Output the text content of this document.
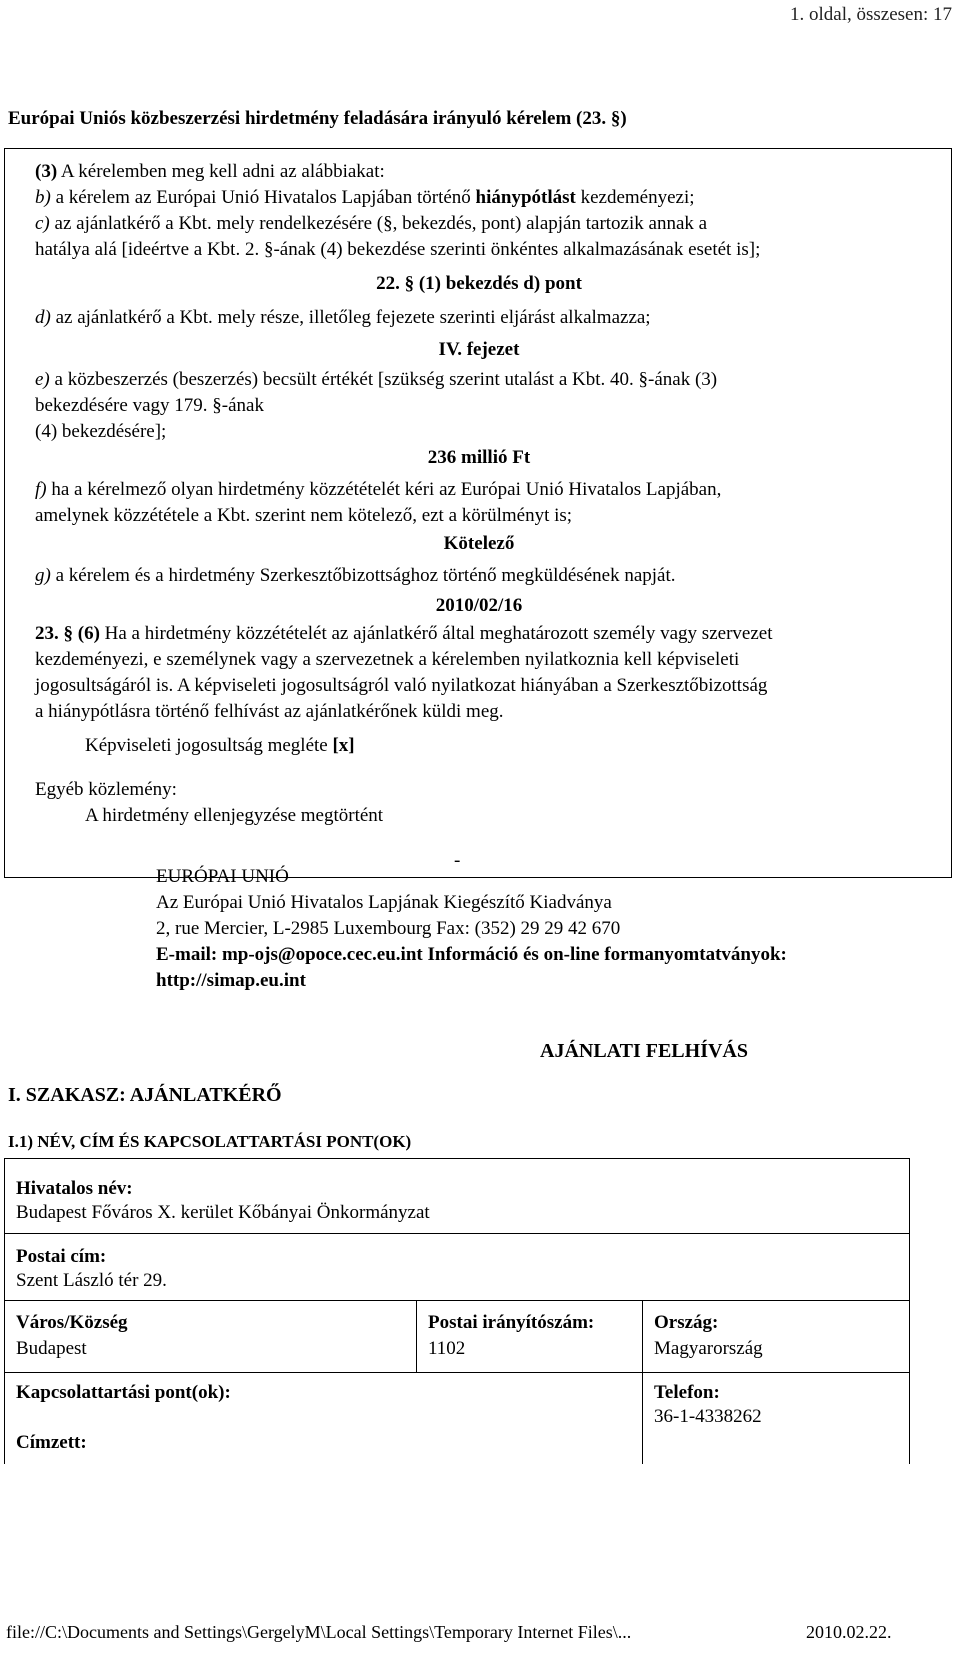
1. oldal, összesen: 17
Európai Uniós közbeszerzési hirdetmény feladására irányuló kérelem (23. §)
(3) A kérelemben meg kell adni az alábbiakat:
b) a kérelem az Európai Unió Hivatalos Lapjában történő hiánypótlást kezdeményezi;
c) az ajánlatkérő a Kbt. mely rendelkezésére (§, bekezdés, pont) alapján tartozik annak a
hatálya alá [ideértve a Kbt. 2. §-ának (4) bekezdése szerinti önkéntes alkalmazásának esetét is];
22. § (1) bekezdés d) pont
d) az ajánlatkérő a Kbt. mely része, illetőleg fejezete szerinti eljárást alkalmazza;
IV. fejezet
e) a közbeszerzés (beszerzés) becsült értékét [szükség szerint utalást a Kbt. 40. §-ának (3)
bekezdésére vagy 179. §-ának
(4) bekezdésére];
236 millió Ft
f) ha a kérelmező olyan hirdetmény közzétételét kéri az Európai Unió Hivatalos Lapjában,
amelynek közzététele a Kbt. szerint nem kötelező, ezt a körülményt is;
Kötelező
g) a kérelem és a hirdetmény Szerkesztőbizottsághoz történő megküldésének napját.
2010/02/16
23. § (6) Ha a hirdetmény közzétételét az ajánlatkérő által meghatározott személy vagy szervezet
kezdeményezi, e személynek vagy a szervezetnek a kérelemben nyilatkoznia kell képviseleti
jogosultságáról is. A képviseleti jogosultságról való nyilatkozat hiányában a Szerkesztőbizottság
a hiánypótlásra történő felhívást az ajánlatkérőnek küldi meg.
Képviseleti jogosultság megléte [x]
Egyéb közlemény:
A hirdetmény ellenjegyzése megtörtént
-
EURÓPAI UNIÓ
Az Európai Unió Hivatalos Lapjának Kiegészítő Kiadványa
2, rue Mercier, L-2985 Luxembourg Fax: (352) 29 29 42 670
E-mail: mp-ojs@opoce.cec.eu.int Információ és on-line formanyomtatványok:
http://simap.eu.int
AJÁNLATI FELHÍVÁS
I. SZAKASZ: AJÁNLATKÉRŐ
I.1) NÉV, CÍM ÉS KAPCSOLATTARTÁSI PONT(OK)
Hivatalos név:
Budapest Főváros X. kerület Kőbányai Önkormányzat
Postai cím:
Szent László tér 29.
Város/Község
Budapest
Postai irányítószám:
1102
Ország:
Magyarország
Kapcsolattartási pont(ok):	Telefon:
36-1-4338262
Címzett:
file://C:\Documents and Settings\GergelyM\Local Settings\Temporary Internet Files\...	2010.02.22.
